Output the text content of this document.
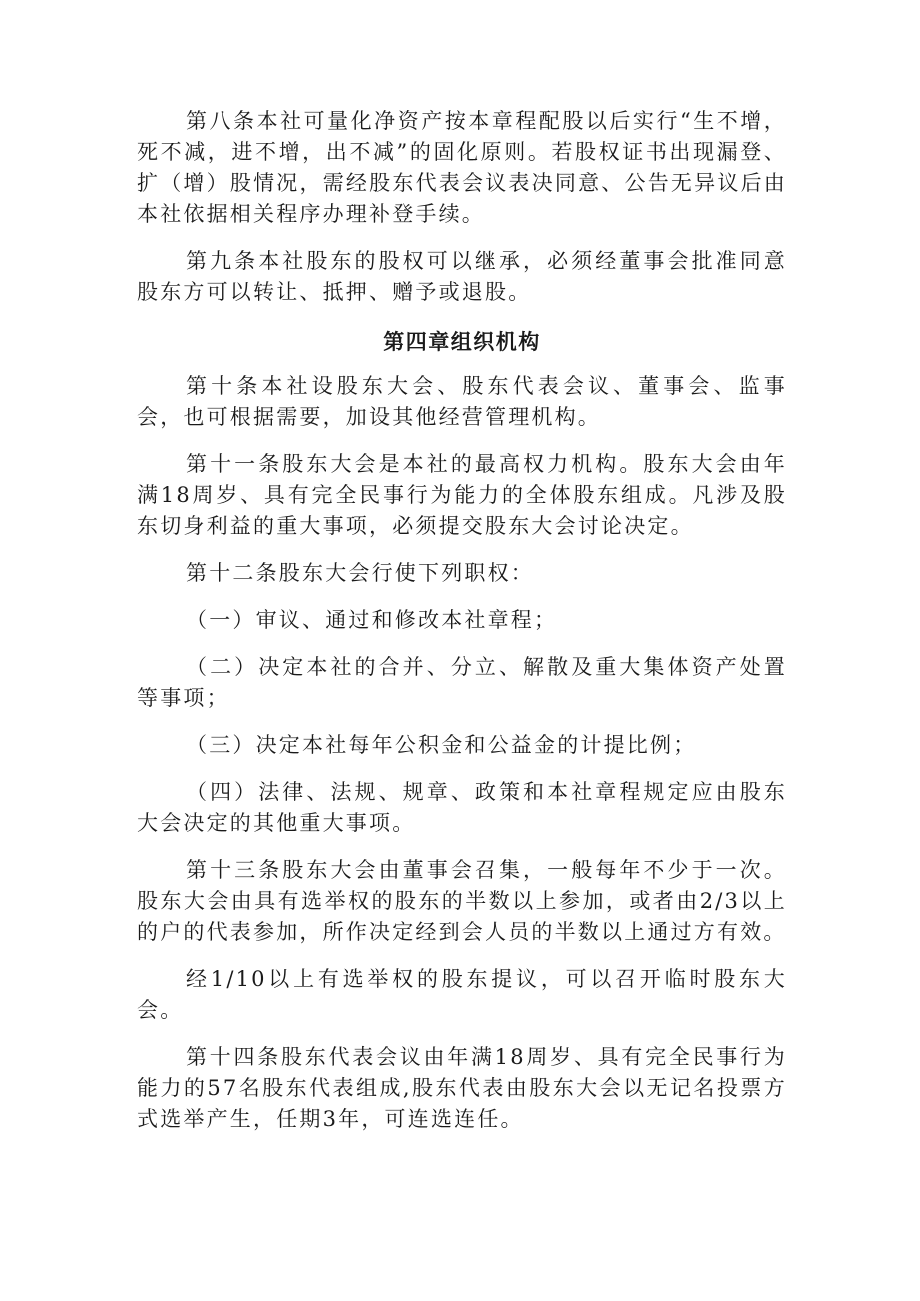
第八条本社可量化净资产按本章程配股以后实行“生不增，死不减，进不增，出不减”的固化原则。若股权证书出现漏登、扩（增）股情况，需经股东代表会议表决同意、公告无异议后由本社依据相关程序办理补登手续。

第九条本社股东的股权可以继承，必须经董事会批准同意股东方可以转让、抵押、赠予或退股。

第四章组织机构

第十条本社设股东大会、股东代表会议、董事会、监事会，也可根据需要，加设其他经营管理机构。

第十一条股东大会是本社的最高权力机构。股东大会由年满18周岁、具有完全民事行为能力的全体股东组成。凡涉及股东切身利益的重大事项，必须提交股东大会讨论决定。

第十二条股东大会行使下列职权：

（一）审议、通过和修改本社章程；

（二）决定本社的合并、分立、解散及重大集体资产处置等事项；

（三）决定本社每年公积金和公益金的计提比例；

（四）法律、法规、规章、政策和本社章程规定应由股东大会决定的其他重大事项。

第十三条股东大会由董事会召集，一般每年不少于一次。股东大会由具有选举权的股东的半数以上参加，或者由2/3以上的户的代表参加，所作决定经到会人员的半数以上通过方有效。

经1/10以上有选举权的股东提议，可以召开临时股东大会。

第十四条股东代表会议由年满18周岁、具有完全民事行为能力的57名股东代表组成,股东代表由股东大会以无记名投票方式选举产生，任期3年，可连选连任。
